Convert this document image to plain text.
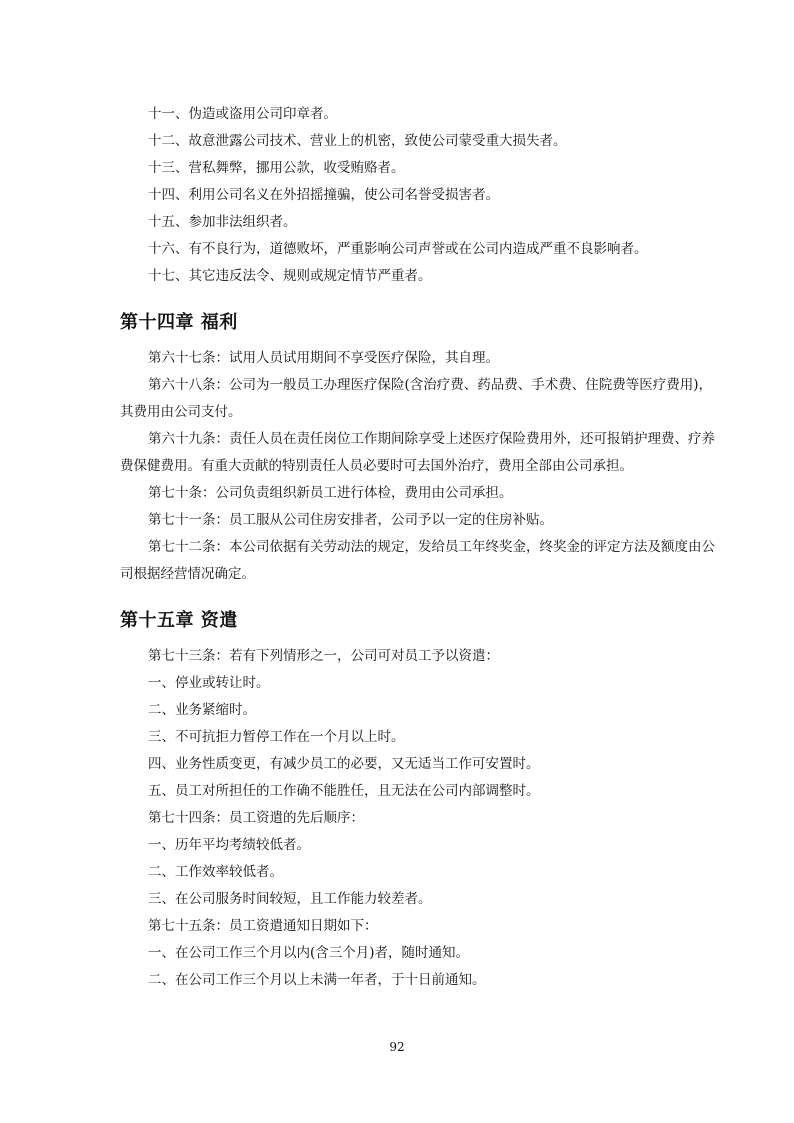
十一、伪造或盗用公司印章者。
十二、故意泄露公司技术、营业上的机密，致使公司蒙受重大损失者。
十三、营私舞弊，挪用公款，收受贿赂者。
十四、利用公司名义在外招摇撞骗，使公司名誉受损害者。
十五、参加非法组织者。
十六、有不良行为，道德败坏，严重影响公司声誉或在公司内造成严重不良影响者。
十七、其它违反法令、规则或规定情节严重者。
第十四章 福利
第六十七条：试用人员试用期间不享受医疗保险，其自理。
第六十八条：公司为一般员工办理医疗保险(含治疗费、药品费、手术费、住院费等医疗费用)，
其费用由公司支付。
第六十九条：责任人员在责任岗位工作期间除享受上述医疗保险费用外，还可报销护理费、疗养
费保健费用。有重大贡献的特别责任人员必要时可去国外治疗，费用全部由公司承担。
第七十条：公司负责组织新员工进行体检，费用由公司承担。
第七十一条：员工服从公司住房安排者，公司予以一定的住房补贴。
第七十二条：本公司依据有关劳动法的规定，发给员工年终奖金，终奖金的评定方法及额度由公
司根据经营情况确定。
第十五章 资遣
第七十三条：若有下列情形之一，公司可对员工予以资遣：
一、停业或转让时。
二、业务紧缩时。
三、不可抗拒力暂停工作在一个月以上时。
四、业务性质变更，有减少员工的必要，又无适当工作可安置时。
五、员工对所担任的工作确不能胜任，且无法在公司内部调整时。
第七十四条：员工资遣的先后顺序：
一、历年平均考绩较低者。
二、工作效率较低者。
三、在公司服务时间较短，且工作能力较差者。
第七十五条：员工资遣通知日期如下：
一、在公司工作三个月以内(含三个月)者，随时通知。
二、在公司工作三个月以上未满一年者，于十日前通知。
92
